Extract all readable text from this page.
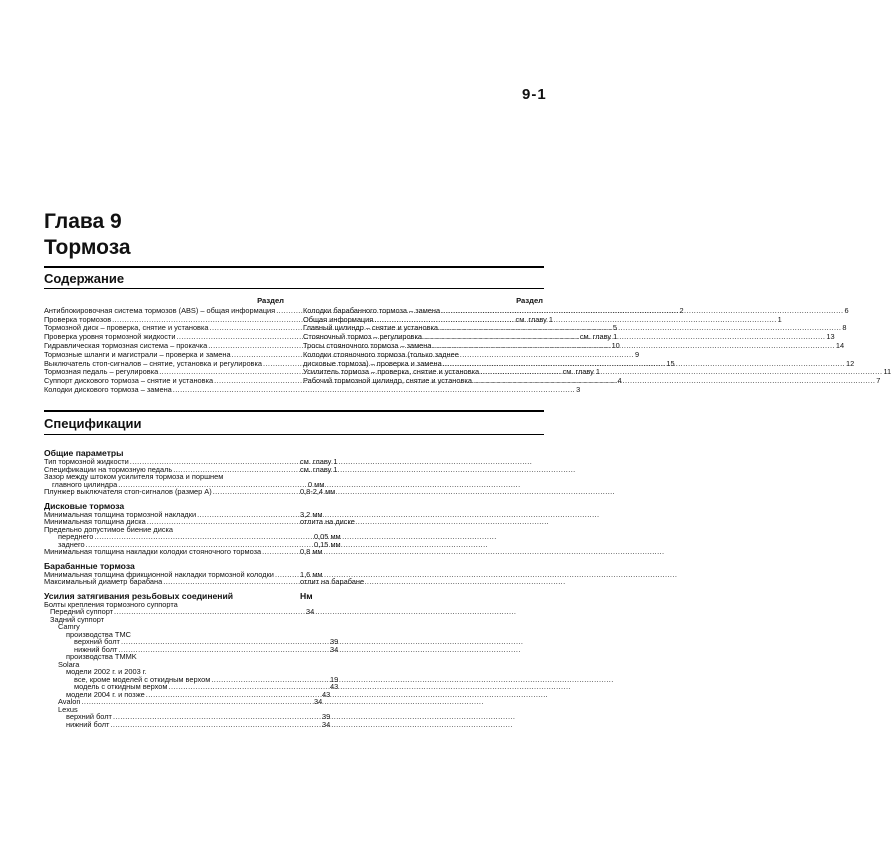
9-1
Глава 9
Тормоза
Содержание
Раздел
Антиблокировочная система тормозов (ABS) – общая информация .....	2
Проверка тормозов .....	см. главу 1
Тормозной диск – проверка, снятие и установка .....	5
Проверка уровня тормозной жидкости .....	см. главу 1
Гидравлическая тормозная система – прокачка .....	10
Тормозные шланги и магистрали – проверка и замена .....	9
Выключатель стоп-сигналов – снятие, установка и регулировка .....	15
Тормозная педаль – регулировка .....	см. главу 1
Суппорт дискового тормоза – снятие и установка .....	4
Колодки дискового тормоза – замена .....	3
Раздел
Колодки барабанного тормоза – замена .....	6
Общая информация .....	1
Главный цилиндр – снятие и установка .....	8
Стояночный тормоз – регулировка .....	13
Тросы стояночного тормоза – замена .....	14
Колодки стояночного тормоза (только заднее
дисковые тормоза) – проверка и замена .....	12
Усилитель тормоза – проверка, снятие и установка .....	11
Рабочий тормозной цилиндр, снятие и установка .....	7
Спецификации
Общие параметры
Тип тормозной жидкости .....	см. главу 1
Спецификации на тормозную педаль .....	см. главу 1
Зазор между штоком усилителя тормоза и поршнем
главного цилиндра .....	0 мм
Плунжер выключателя стоп-сигналов (размер A) .....	0,8-2,4 мм
Дисковые тормоза
Минимальная толщина тормозной накладки .....	3,2 мм
Минимальная толщина диска .....	отлита на диске
Предельно допустимое биение диска
переднего .....	0,05 мм
заднего .....	0,15 мм
Минимальная толщина накладки колодки стояночного тормоза .....	0,8 мм
Барабанные тормоза
Минимальная толщина фрикционной накладки тормозной колодки .....	1,6 мм
Максимальный диаметр барабана .....	отлит на барабане
Усилия затягивания резьбовых соединений	Нм
Болты крепления тормозного суппорта
Передний суппорт .....	34
Задний суппорт
Camry
производства TMC
верхний болт .....	39
нижний болт .....	34
производства TMMK
Solara
модели 2002 г. и 2003 г.
все, кроме моделей с откидным верхом .....	19
модель с откидным верхом .....	43
модели 2004 г. и позже .....	43
Avalon .....	34
Lexus
верхний болт .....	39
нижний болт .....	34
